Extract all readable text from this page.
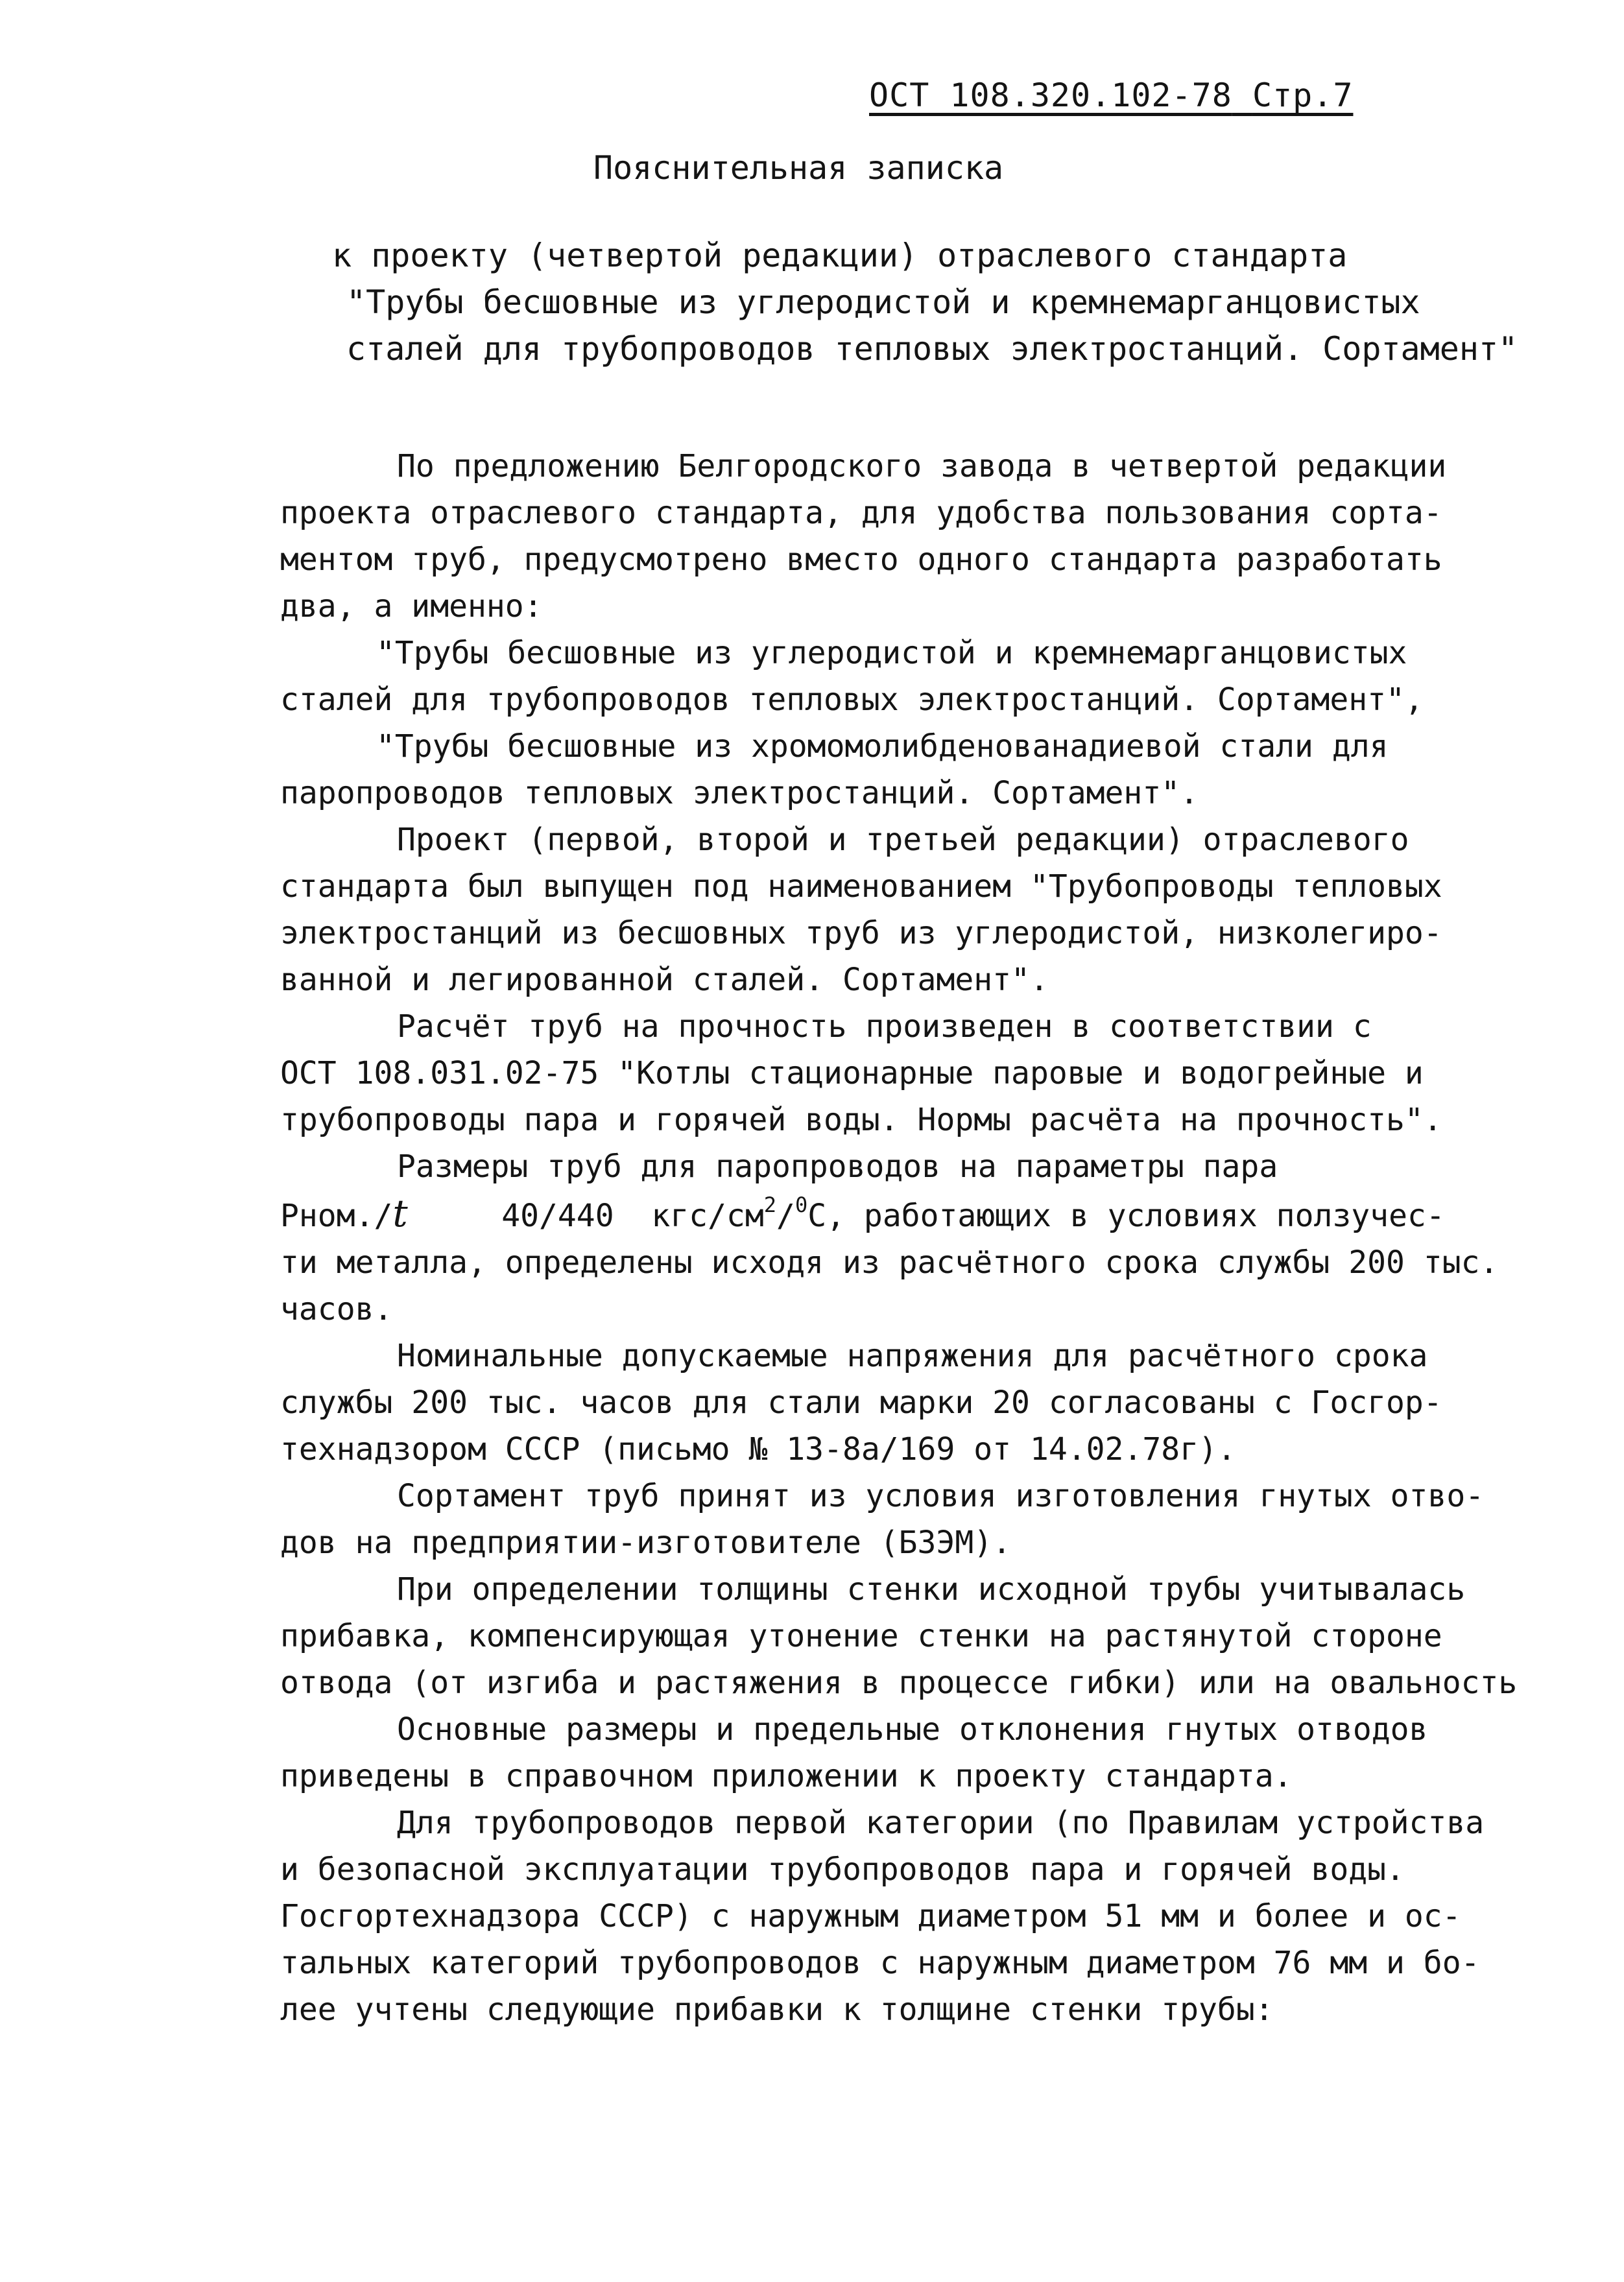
ОСТ 108.320.102-78 Стр.7
Пояснительная записка
к проекту (четвертой редакции) отраслевого стандарта
"Трубы бесшовные из углеродистой и кремнемарганцовистых
сталей для трубопроводов тепловых электростанций. Сортамент"
По предложению Белгородского завода в четвертой редакции
проекта отраслевого стандарта, для удобства пользования сорта-
ментом труб, предусмотрено вместо одного стандарта разработать
два, а именно:
"Трубы бесшовные из углеродистой и кремнемарганцовистых
сталей для трубопроводов тепловых электростанций. Сортамент",
"Трубы бесшовные из хромомолибденованадиевой стали для
паропроводов тепловых электростанций. Сортамент".
Проект (первой, второй и третьей редакции) отраслевого
стандарта был выпущен под наименованием "Трубопроводы тепловых
электростанций из бесшовных труб из углеродистой, низколегиро-
ванной и легированной сталей. Сортамент".
Расчёт труб на прочность произведен в соответствии с
ОСТ 108.031.02-75 "Котлы стационарные паровые и водогрейные и
трубопроводы пара и горячей воды. Нормы расчёта на прочность".
Размеры труб для паропроводов на параметры пара
Рном./t	40/440 кгс/$см^2/^0С$, работающих в условиях ползучес-
ти металла, определены исходя из расчётного срока службы 200 тыс.
часов.
Номинальные допускаемые напряжения для расчётного срока
службы 200 тыс. часов для стали марки 20 согласованы с Госгор-
технадзором СССР (письмо № 13-8а/169 от 14.02.78г).
Сортамент труб принят из условия изготовления гнутых отво-
дов на предприятии-изготовителе (БЗЭМ).
При определении толщины стенки исходной трубы учитывалась
прибавка, компенсирующая утонение стенки на растянутой стороне
отвода (от изгиба и растяжения в процессе гибки) или на овальность
Основные размеры и предельные отклонения гнутых отводов
приведены в справочном приложении к проекту стандарта.
Для трубопроводов первой категории (по Правилам устройства
и безопасной эксплуатации трубопроводов пара и горячей воды.
Госгортехнадзора СССР) с наружным диаметром 51 мм и более и ос-
тальных категорий трубопроводов с наружным диаметром 76 мм и бо-
лее учтены следующие прибавки к толщине стенки трубы:
